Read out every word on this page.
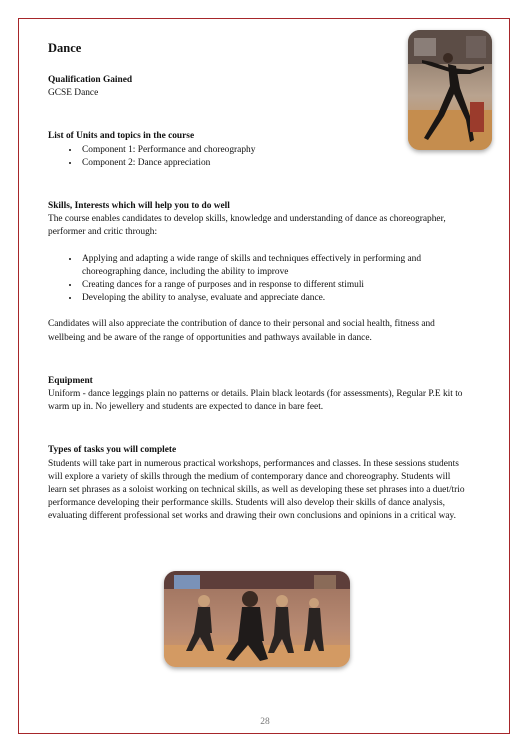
Dance
Qualification Gained
GCSE Dance
List of Units and topics in the course
• Component 1: Performance and choreography
• Component 2: Dance appreciation
Skills, Interests which will help you to do well

The course enables candidates to develop skills, knowledge and understanding of dance as choreographer, performer and critic through:

• Applying and adapting a wide range of skills and techniques effectively in performing and choreographing dance, including the ability to improve
• Creating dances for a range of purposes and in response to different stimuli
• Developing the ability to analyse, evaluate and appreciate dance.

Candidates will also appreciate the contribution of dance to their personal and social health, fitness and wellbeing and be aware of the range of opportunities and pathways available in dance.

Equipment

Uniform - dance leggings plain no patterns or details. Plain black leotards (for assessments), Regular P.E kit to warm up in. No jewellery and students are expected to dance in bare feet.

Types of tasks you will complete

Students will take part in numerous practical workshops, performances and classes. In these sessions students will explore a variety of skills through the medium of contemporary dance and choreography. Students will learn set phrases as a soloist working on technical skills, as well as developing these set phrases into a duet/trio performance developing their performance skills. Students will also develop their skills of dance analysis, evaluating different professional set works and drawing their own conclusions and opinions in a critical way.

28
